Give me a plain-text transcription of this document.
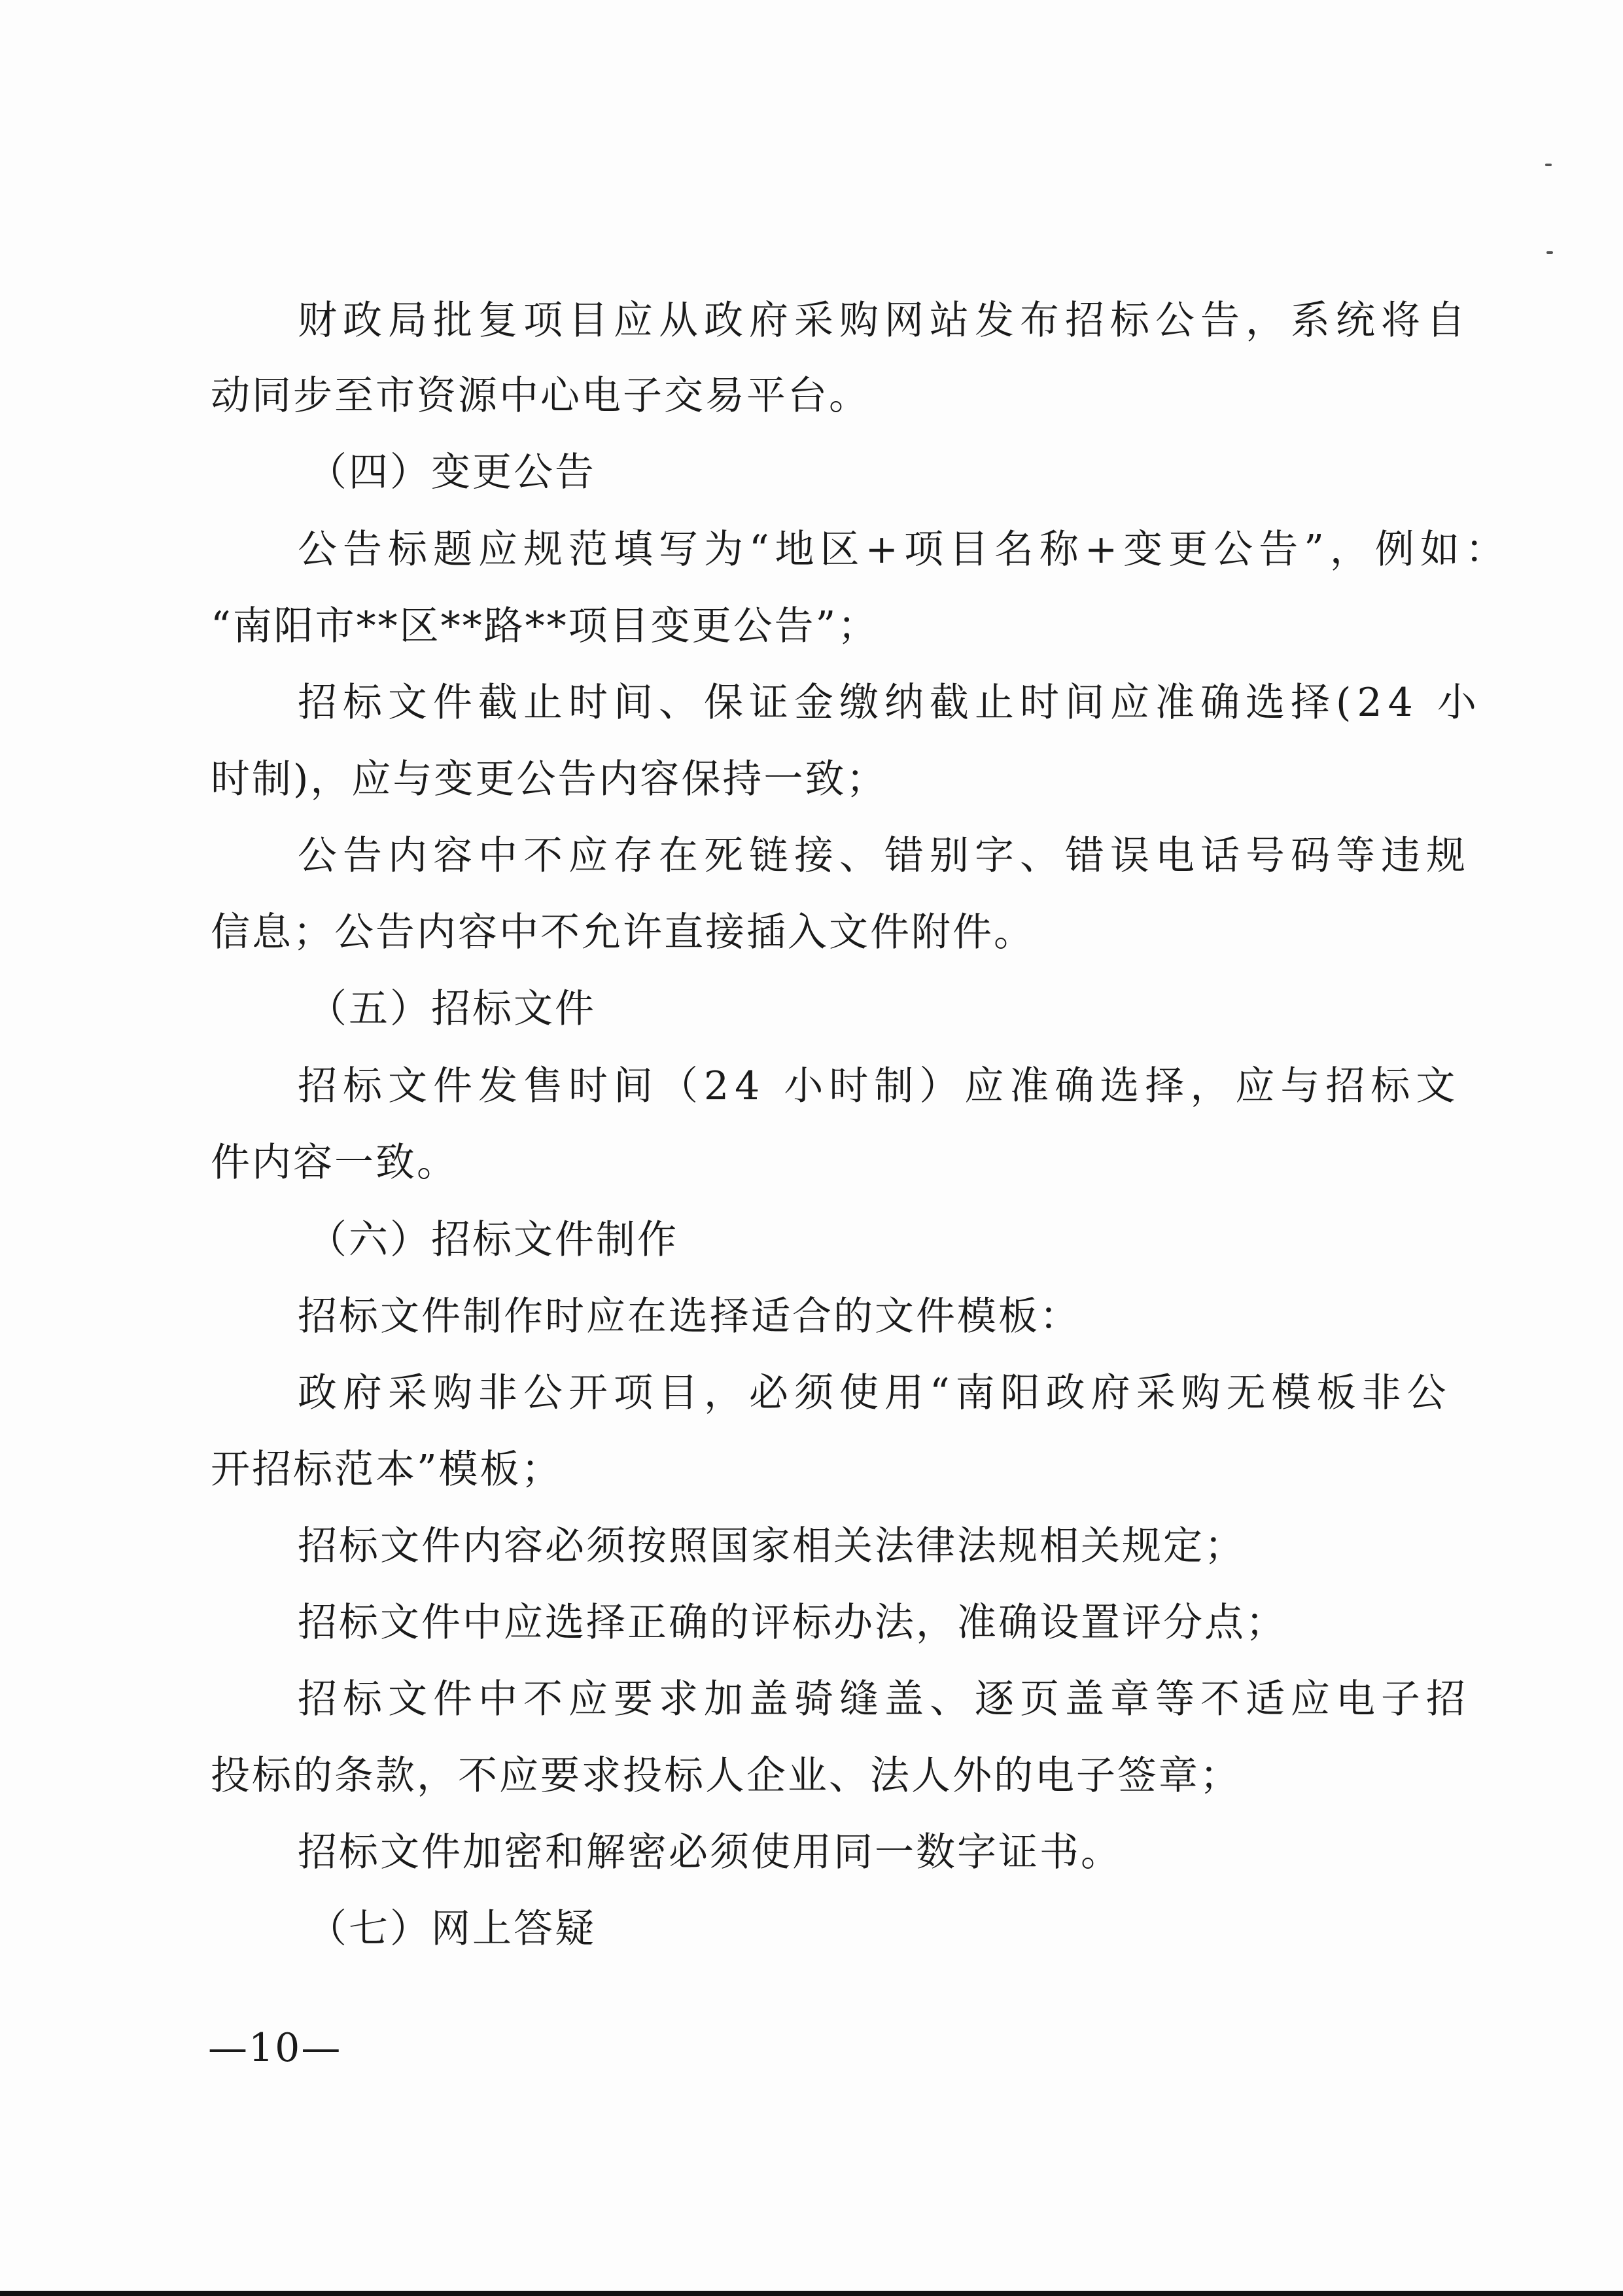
财政局批复项目应从政府采购网站发布招标公告，系统将自
动同步至市资源中心电子交易平台。
（四）变更公告
公告标题应规范填写为“地区+项目名称+变更公告”，例如：
“南阳市**区**路**项目变更公告”；
招标文件截止时间、保证金缴纳截止时间应准确选择(24 小
时制)，应与变更公告内容保持一致；
公告内容中不应存在死链接、错别字、错误电话号码等违规
信息；公告内容中不允许直接插入文件附件。
（五）招标文件
招标文件发售时间（24 小时制）应准确选择，应与招标文
件内容一致。
（六）招标文件制作
招标文件制作时应在选择适合的文件模板：
政府采购非公开项目，必须使用“南阳政府采购无模板非公
开招标范本”模板；
招标文件内容必须按照国家相关法律法规相关规定；
招标文件中应选择正确的评标办法，准确设置评分点；
招标文件中不应要求加盖骑缝盖、逐页盖章等不适应电子招
投标的条款，不应要求投标人企业、法人外的电子签章；
招标文件加密和解密必须使用同一数字证书。
（七）网上答疑
—10—
